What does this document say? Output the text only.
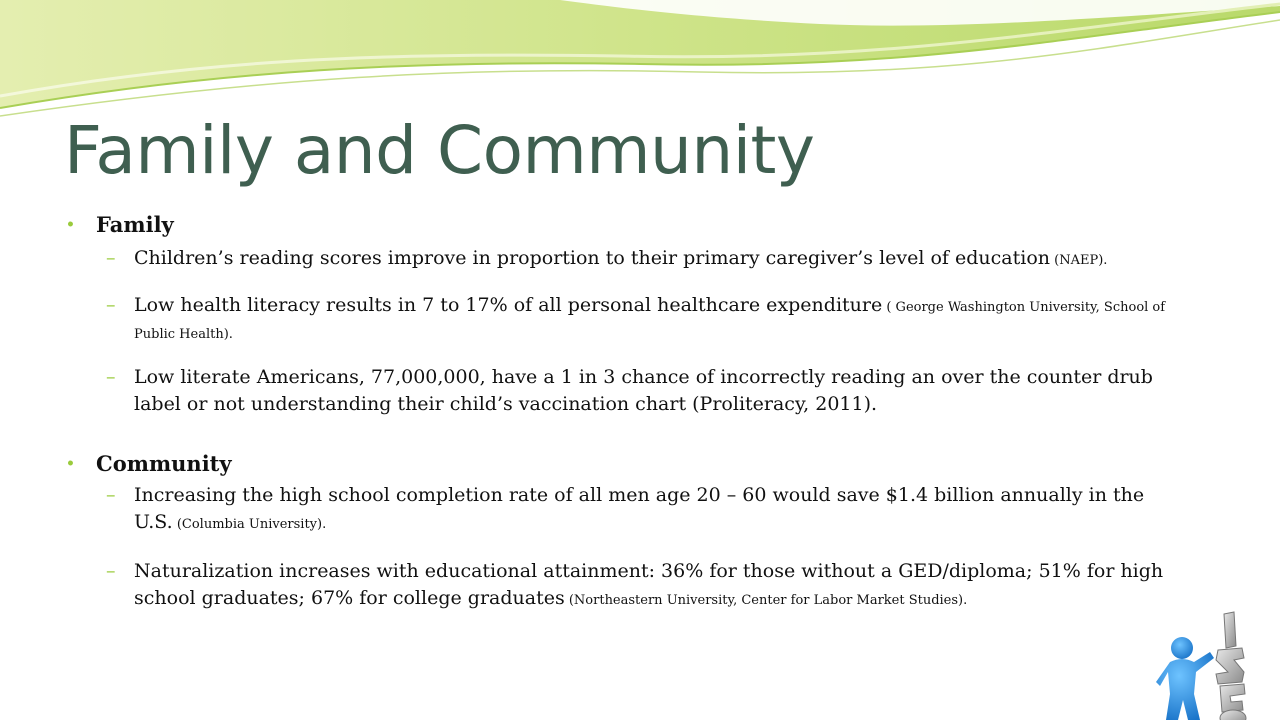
Family and Community
• Family
– Children’s reading scores improve in proportion to their primary caregiver’s level of education (NAEP).
– Low health literacy results in 7 to 17% of all personal healthcare expenditure ( George Washington University, School of Public Health).
– Low literate Americans, 77,000,000, have a 1 in 3 chance of incorrectly reading an over the counter drub label or not understanding their child’s vaccination chart (Proliteracy, 2011).
• Community
– Increasing the high school completion rate of all men age 20 – 60 would save $1.4 billion annually in the U.S. (Columbia University).
– Naturalization increases with educational attainment: 36% for those without a GED/diploma; 51% for high school graduates; 67% for college graduates (Northeastern University, Center for Labor Market Studies).
